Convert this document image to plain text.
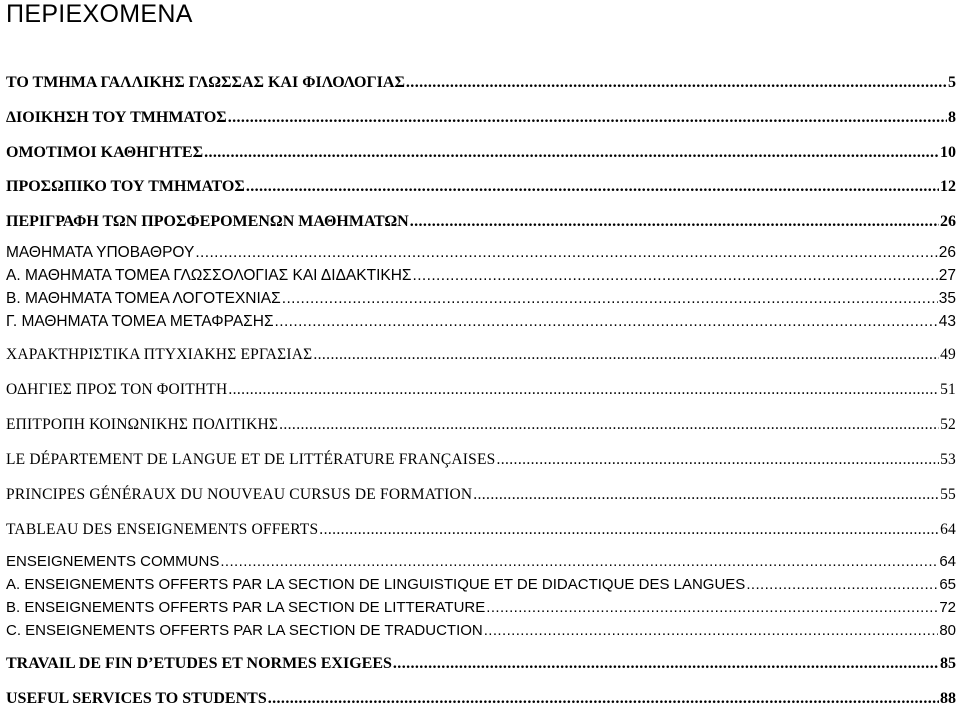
ΠΕΡΙΕΧΟΜΕΝΑ
ΤΟ ΤΜΗΜΑ ΓΑΛΛΙΚΗΣ ΓΛΩΣΣΑΣ ΚΑΙ ΦΙΛΟΛΟΓΙΑΣ .....	5
ΔΙΟΙΚΗΣΗ ΤΟΥ ΤΜΗΜΑΤΟΣ .....	8
ΟΜΟΤΙΜΟΙ ΚΑΘΗΓΗΤΕΣ .....	10
ΠΡΟΣΩΠΙΚΟ ΤΟΥ ΤΜΗΜΑΤΟΣ .....	12
ΠΕΡΙΓΡΑΦΗ ΤΩΝ ΠΡΟΣΦΕΡΟΜΕΝΩΝ ΜΑΘΗΜΑΤΩΝ .....	26
ΜΑΘΗΜΑΤΑ ΥΠΟΒΑΘΡΟΥ .....	26
Α. ΜΑΘΗΜΑΤΑ ΤΟΜΕΑ ΓΛΩΣΣΟΛΟΓΙΑΣ ΚΑΙ ΔΙΔΑΚΤΙΚΗΣ .....	27
Β. ΜΑΘΗΜΑΤΑ ΤΟΜΕΑ ΛΟΓΟΤΕΧΝΙΑΣ .....	35
Γ. ΜΑΘΗΜΑΤΑ ΤΟΜΕΑ ΜΕΤΑΦΡΑΣΗΣ .....	43
ΧΑΡΑΚΤΗΡΙΣΤΙΚΑ ΠΤΥΧΙΑΚΗΣ ΕΡΓΑΣΙΑΣ .....	49
ΟΔΗΓΙΕΣ ΠΡΟΣ ΤΟΝ ΦΟΙΤΗΤΗ .....	51
ΕΠΙΤΡΟΠΗ ΚΟΙΝΩΝΙΚΗΣ ΠΟΛΙΤΙΚΗΣ .....	52
LE DÉPARTEMENT DE LANGUE ET DE LITTÉRATURE FRANÇAISES .....	53
PRINCIPES GÉNÉRAUX DU NOUVEAU CURSUS DE FORMATION .....	55
TABLEAU DES ENSEIGNEMENTS OFFERTS .....	64
ENSEIGNEMENTS COMMUNS .....	64
A. ENSEIGNEMENTS OFFERTS PAR LA SECTION DE LINGUISTIQUE ET DE DIDACTIQUE DES LANGUES .....	65
B. ENSEIGNEMENTS OFFERTS PAR LA SECTION DE LITTERATURE .....	72
C. ENSEIGNEMENTS OFFERTS PAR LA SECTION DE TRADUCTION .....	80
TRAVAIL DE FIN D’ETUDES ET NORMES EXIGEES .....	85
USEFUL SERVICES TO STUDENTS .....	88
